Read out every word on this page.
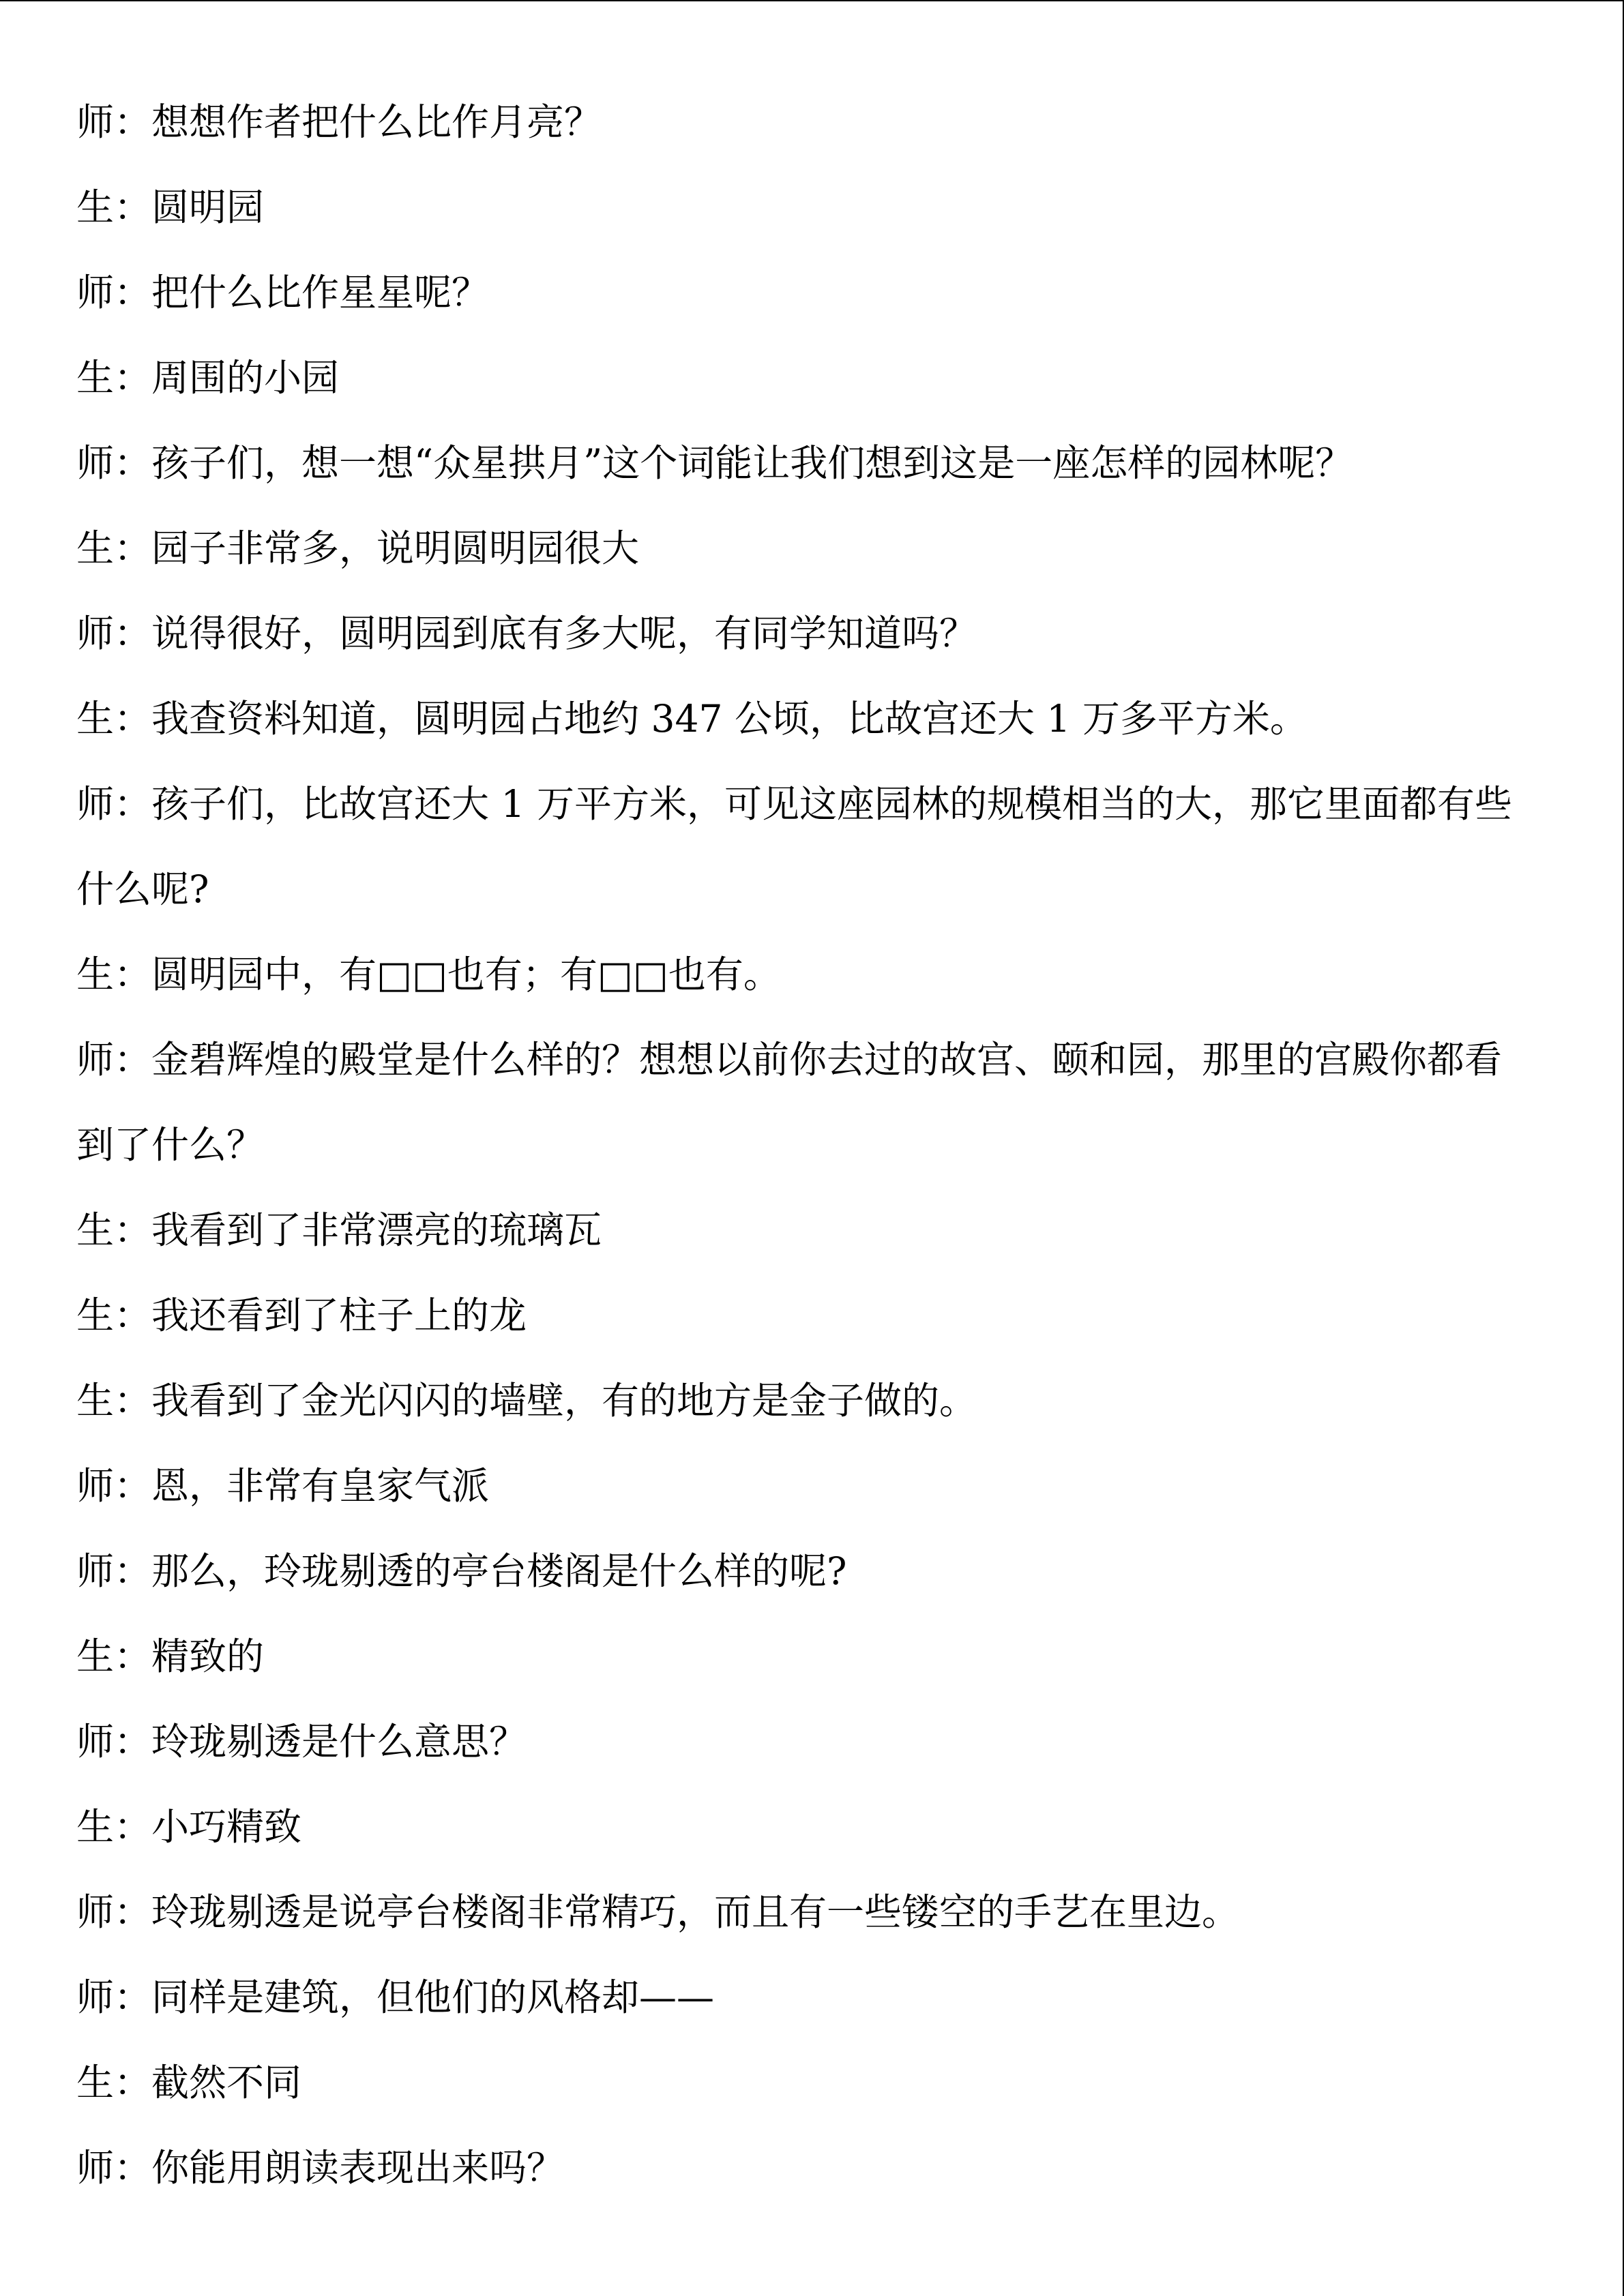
师：想想作者把什么比作月亮？
生：圆明园
师：把什么比作星星呢？
生：周围的小园
师：孩子们，想一想“众星拱月”这个词能让我们想到这是一座怎样的园林呢？
生：园子非常多，说明圆明园很大
师：说得很好，圆明园到底有多大呢，有同学知道吗？
生：我查资料知道，圆明园占地约 347 公顷，比故宫还大 1 万多平方米。
师：孩子们，比故宫还大 1 万平方米，可见这座园林的规模相当的大，那它里面都有些
什么呢?
生：圆明园中，有□□也有；有□□也有。
师：金碧辉煌的殿堂是什么样的？想想以前你去过的故宫、颐和园，那里的宫殿你都看
到了什么？
生：我看到了非常漂亮的琉璃瓦
生：我还看到了柱子上的龙
生：我看到了金光闪闪的墙壁，有的地方是金子做的。
师：恩，非常有皇家气派
师：那么，玲珑剔透的亭台楼阁是什么样的呢?
生：精致的
师：玲珑剔透是什么意思？
生：小巧精致
师：玲珑剔透是说亭台楼阁非常精巧，而且有一些镂空的手艺在里边。
师：同样是建筑，但他们的风格却——
生：截然不同
师：你能用朗读表现出来吗？
